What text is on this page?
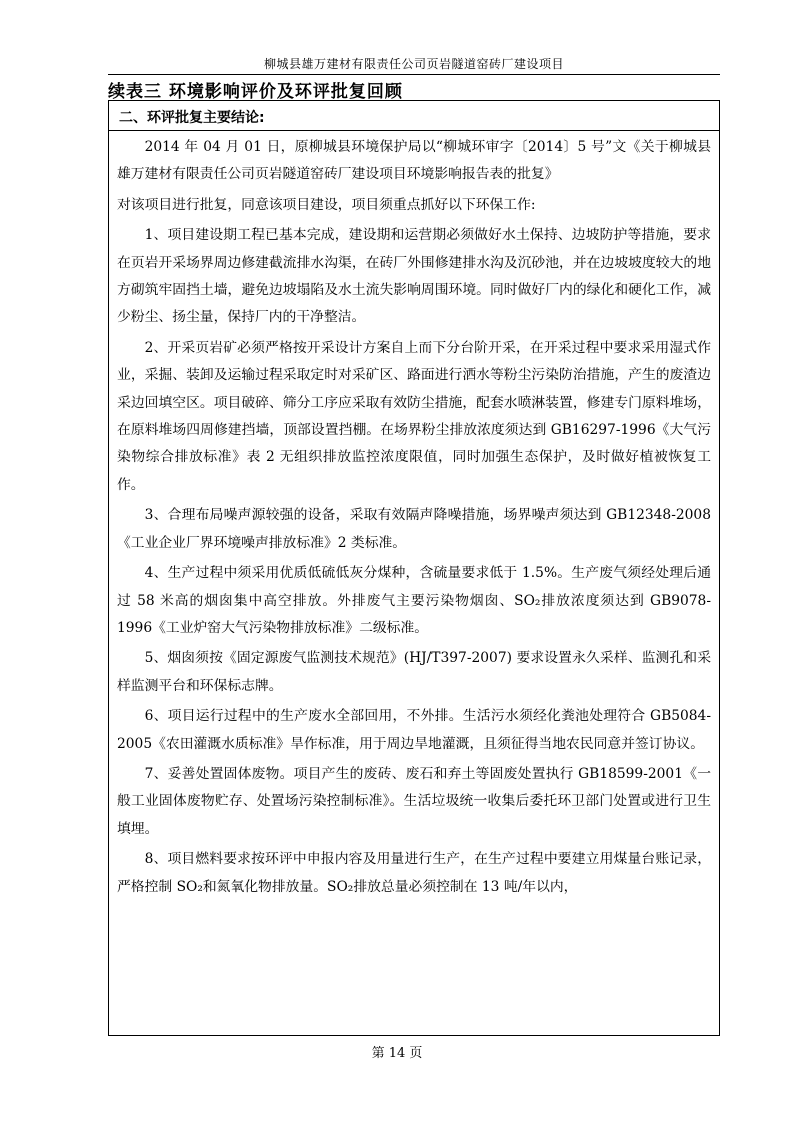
柳城县雄万建材有限责任公司页岩隧道窑砖厂建设项目
续表三 环境影响评价及环评批复回顾
二、环评批复主要结论:

2014 年 04 月 01 日，原柳城县环境保护局以“柳城环审字〔2014〕5 号”文《关于柳城县雄万建材有限责任公司页岩隧道窑砖厂建设项目环境影响报告表的批复》

对该项目进行批复，同意该项目建设，项目须重点抓好以下环保工作:

1、项目建设期工程已基本完成，建设期和运营期必须做好水土保持、边坡防护等措施，要求在页岩开采场界周边修建截流排水沟渠，在砖厂外围修建排水沟及沉砂池，并在边坡坡度较大的地方砌筑牢固挡土墙，避免边坡塌陷及水土流失影响周围环境。同时做好厂内的绿化和硬化工作，减少粉尘、扬尘量，保持厂内的干净整洁。

2、开采页岩矿必须严格按开采设计方案自上而下分台阶开采，在开采过程中要求采用湿式作业，采掘、装卸及运输过程采取定时对采矿区、路面进行洒水等粉尘污染防治措施，产生的废渣边采边回填空区。项目破碎、筛分工序应采取有效防尘措施，配套水喷淋装置，修建专门原料堆场，在原料堆场四周修建挡墙，顶部设置挡棚。在场界粉尘排放浓度须达到 GB16297-1996《大气污染物综合排放标准》表 2 无组织排放监控浓度限值，同时加强生态保护，及时做好植被恢复工作。

3、合理布局噪声源较强的设备，采取有效隔声降噪措施，场界噪声须达到 GB12348-2008《工业企业厂界环境噪声排放标准》2 类标准。

4、生产过程中须采用优质低硫低灰分煤种，含硫量要求低于 1.5%。生产废气须经处理后通过 58 米高的烟囱集中高空排放。外排废气主要污染物烟囱、SO₂排放浓度须达到 GB9078-1996《工业炉窑大气污染物排放标准》二级标准。

5、烟囱须按《固定源废气监测技术规范》(HJ/T397-2007) 要求设置永久采样、监测孔和采样监测平台和环保标志牌。

6、项目运行过程中的生产废水全部回用，不外排。生活污水须经化粪池处理符合 GB5084-2005《农田灌溉水质标准》旱作标准，用于周边旱地灌溉，且须征得当地农民同意并签订协议。

7、妥善处置固体废物。项目产生的废砖、废石和弃土等固废处置执行 GB18599-2001《一般工业固体废物贮存、处置场污染控制标准》。生活垃圾统一收集后委托环卫部门处置或进行卫生填埋。

8、项目燃料要求按环评中申报内容及用量进行生产，在生产过程中要建立用煤量台账记录，严格控制 SO₂和氮氧化物排放量。SO₂排放总量必须控制在 13 吨/年以内，

第 14 页
